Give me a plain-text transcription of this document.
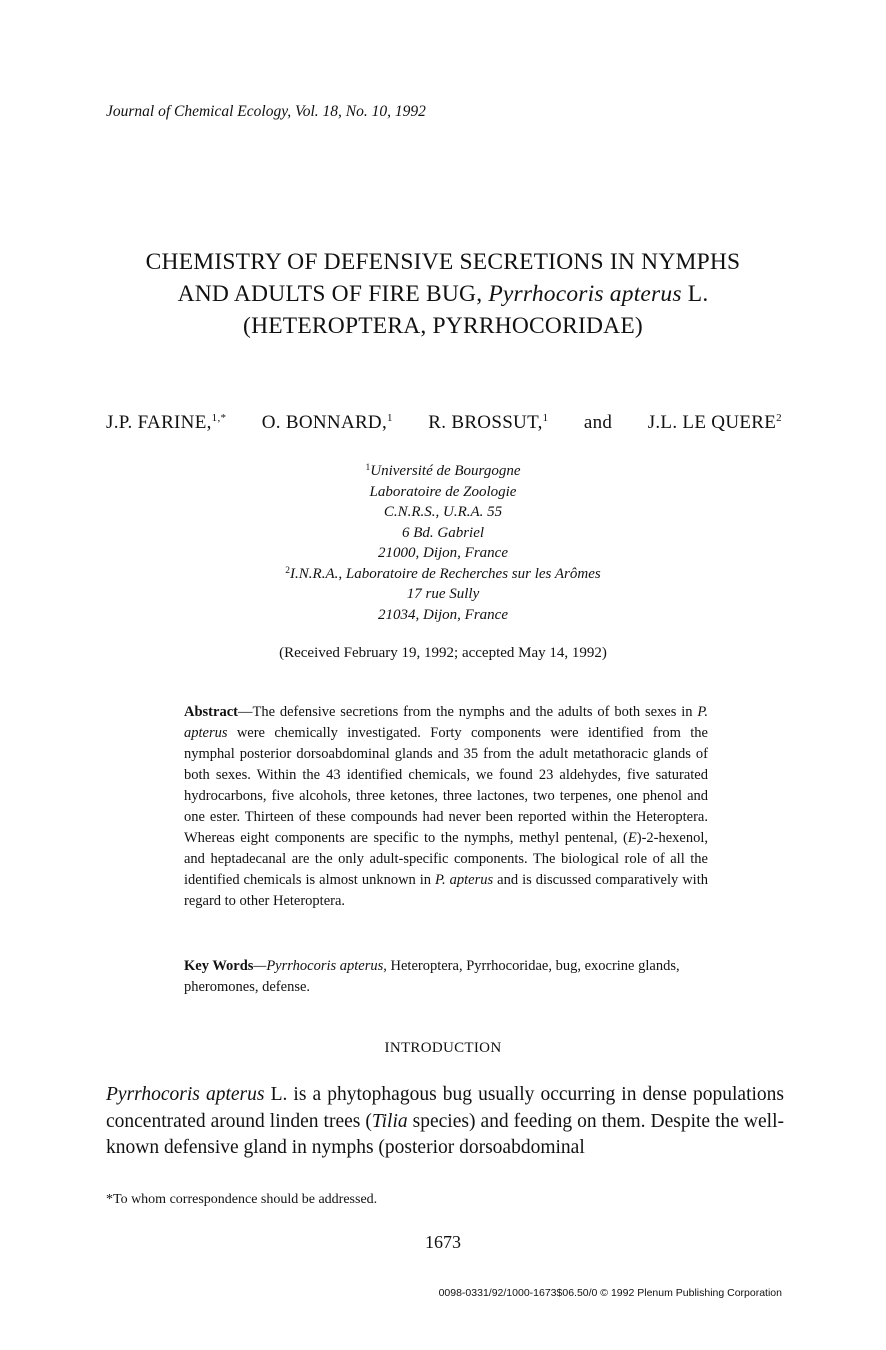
Journal of Chemical Ecology, Vol. 18, No. 10, 1992
CHEMISTRY OF DEFENSIVE SECRETIONS IN NYMPHS
AND ADULTS OF FIRE BUG, Pyrrhocoris apterus L.
(HETEROPTERA, PYRRHOCORIDAE)
J.P. FARINE,$^{1,*}$ O. BONNARD,$^1$ R. BROSSUT,$^1$ and J.L. LE QUERE$^2$
$^1$Université de Bourgogne
Laboratoire de Zoologie
C.N.R.S., U.R.A. 55
6 Bd. Gabriel
21000, Dijon, France
$^2$I.N.R.A., Laboratoire de Recherches sur les Arômes
17 rue Sully
21034, Dijon, France
(Received February 19, 1992; accepted May 14, 1992)
Abstract—The defensive secretions from the nymphs and the adults of both sexes in P. apterus were chemically investigated. Forty components were identified from the nymphal posterior dorsoabdominal glands and 35 from the adult metathoracic glands of both sexes. Within the 43 identified chemicals, we found 23 aldehydes, five saturated hydrocarbons, five alcohols, three ketones, three lactones, two terpenes, one phenol and one ester. Thirteen of these compounds had never been reported within the Heteroptera. Whereas eight components are specific to the nymphs, methyl pentenal, (E)-2-hexenol, and heptadecanal are the only adult-specific components. The biological role of all the identified chemicals is almost unknown in P. apterus and is discussed comparatively with regard to other Heteroptera.
Key Words—Pyrrhocoris apterus, Heteroptera, Pyrrhocoridae, bug, exocrine glands, pheromones, defense.
INTRODUCTION
Pyrrhocoris apterus L. is a phytophagous bug usually occurring in dense populations concentrated around linden trees (Tilia species) and feeding on them. Despite the well-known defensive gland in nymphs (posterior dorsoabdominal
*To whom correspondence should be addressed.
1673
0098-0331/92/1000-1673$06.50/0 © 1992 Plenum Publishing Corporation
